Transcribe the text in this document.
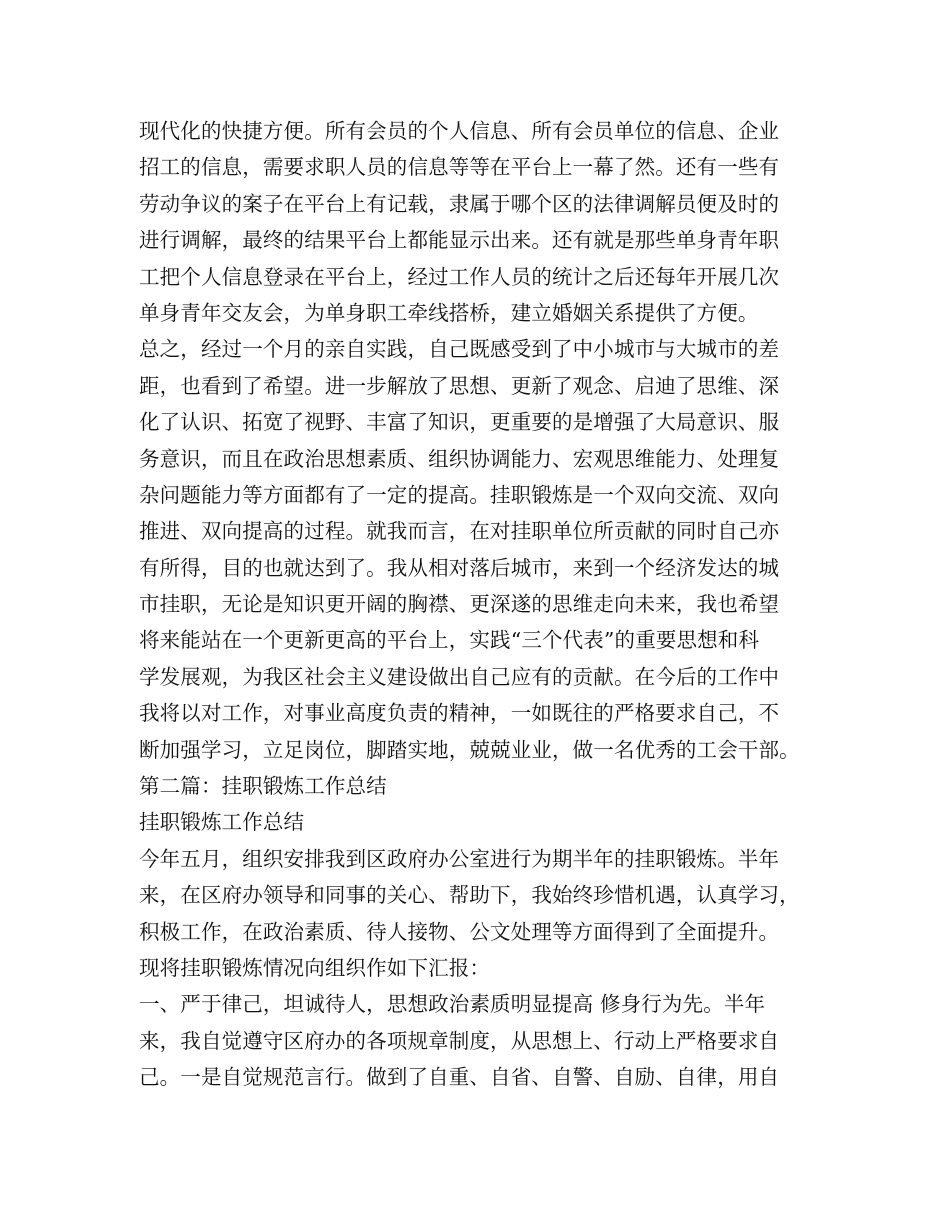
现代化的快捷方便。所有会员的个人信息、所有会员单位的信息、企业
招工的信息，需要求职人员的信息等等在平台上一幕了然。还有一些有
劳动争议的案子在平台上有记载，隶属于哪个区的法律调解员便及时的
进行调解，最终的结果平台上都能显示出来。还有就是那些单身青年职
工把个人信息登录在平台上，经过工作人员的统计之后还每年开展几次
单身青年交友会，为单身职工牵线搭桥，建立婚姻关系提供了方便。
总之，经过一个月的亲自实践，自己既感受到了中小城市与大城市的差
距，也看到了希望。进一步解放了思想、更新了观念、启迪了思维、深
化了认识、拓宽了视野、丰富了知识，更重要的是增强了大局意识、服
务意识，而且在政治思想素质、组织协调能力、宏观思维能力、处理复
杂问题能力等方面都有了一定的提高。挂职锻炼是一个双向交流、双向
推进、双向提高的过程。就我而言，在对挂职单位所贡献的同时自己亦
有所得，目的也就达到了。我从相对落后城市，来到一个经济发达的城
市挂职，无论是知识更开阔的胸襟、更深遂的思维走向未来，我也希望
将来能站在一个更新更高的平台上，实践“三个代表”的重要思想和科
学发展观，为我区社会主义建设做出自己应有的贡献。在今后的工作中
我将以对工作，对事业高度负责的精神，一如既往的严格要求自己，不
断加强学习，立足岗位，脚踏实地，兢兢业业，做一名优秀的工会干部。
第二篇：挂职锻炼工作总结
挂职锻炼工作总结
今年五月，组织安排我到区政府办公室进行为期半年的挂职锻炼。半年
来，在区府办领导和同事的关心、帮助下，我始终珍惜机遇，认真学习，
积极工作，在政治素质、待人接物、公文处理等方面得到了全面提升。
现将挂职锻炼情况向组织作如下汇报：
一、严于律己，坦诚待人，思想政治素质明显提高 修身行为先。半年
来，我自觉遵守区府办的各项规章制度，从思想上、行动上严格要求自
己。一是自觉规范言行。做到了自重、自省、自警、自励、自律，用自
